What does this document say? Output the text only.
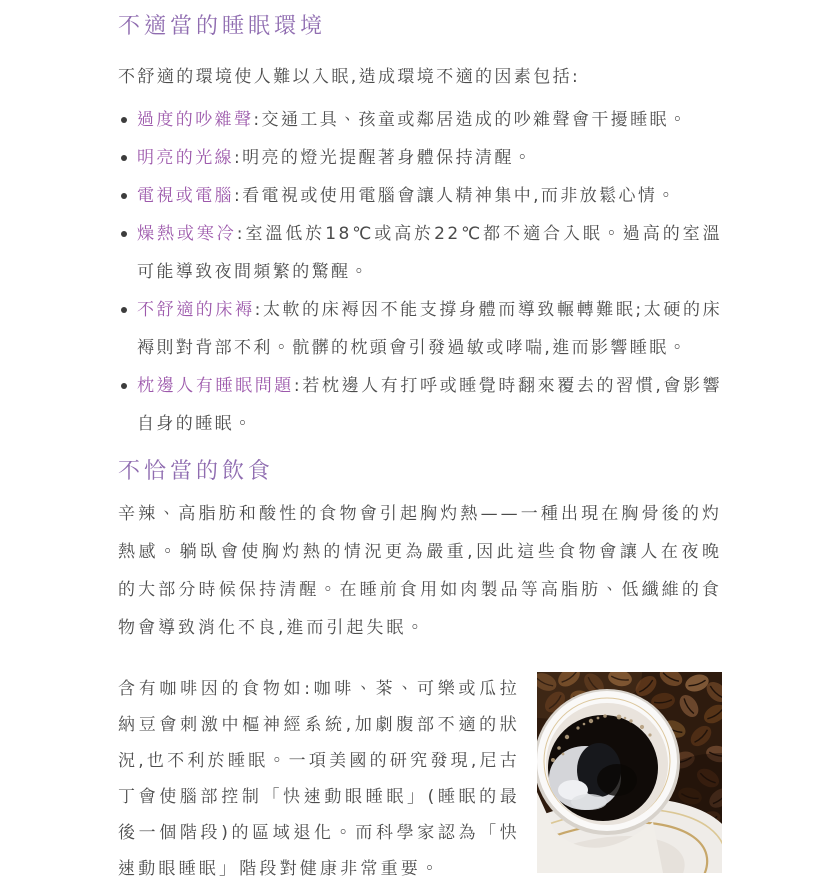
不適當的睡眠環境

不舒適的環境使人難以入眠,造成環境不適的因素包括:

過度的吵雜聲:交通工具、孩童或鄰居造成的吵雜聲會干擾睡眠。

明亮的光線:明亮的燈光提醒著身體保持清醒。

電視或電腦:看電視或使用電腦會讓人精神集中,而非放鬆心情。

燥熱或寒冷:室溫低於18℃或高於22℃都不適合入眠。過高的室溫可能導致夜間頻繁的驚醒。

不舒適的床褥:太軟的床褥因不能支撐身體而導致輾轉難眠;太硬的床褥則對背部不利。骯髒的枕頭會引發過敏或哮喘,進而影響睡眠。

枕邊人有睡眠問題:若枕邊人有打呼或睡覺時翻來覆去的習慣,會影響自身的睡眠。

不恰當的飲食

辛辣、高脂肪和酸性的食物會引起胸灼熱——一種出現在胸骨後的灼熱感。躺臥會使胸灼熱的情況更為嚴重,因此這些食物會讓人在夜晚的大部分時候保持清醒。在睡前食用如肉製品等高脂肪、低纖維的食物會導致消化不良,進而引起失眠。

含有咖啡因的食物如:咖啡、茶、可樂或瓜拉納豆會刺激中樞神經系統,加劇腹部不適的狀況,也不利於睡眠。一項美國的研究發現,尼古丁會使腦部控制「快速動眼睡眠」(睡眠的最後一個階段)的區域退化。而科學家認為「快速動眼睡眠」階段對健康非常重要。
